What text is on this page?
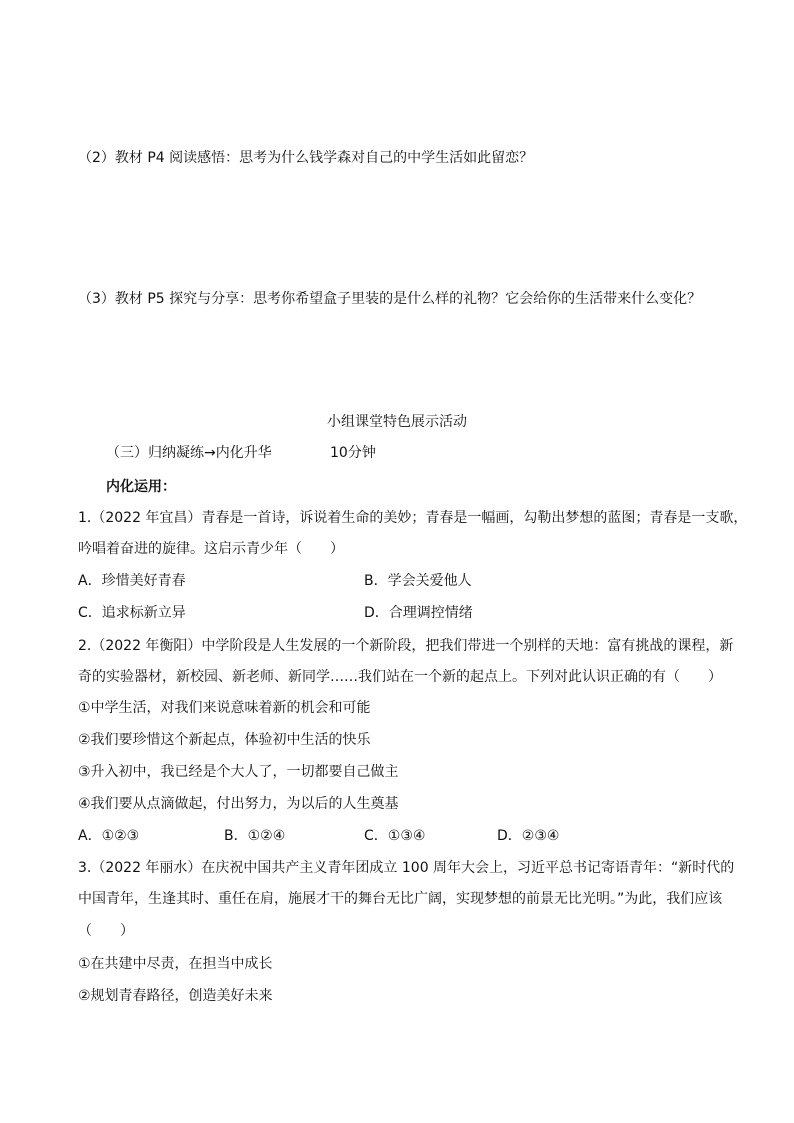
（2）教材 P4 阅读感悟：思考为什么钱学森对自己的中学生活如此留恋？
（3）教材 P5 探究与分享：思考你希望盒子里装的是什么样的礼物？它会给你的生活带来什么变化？
小组课堂特色展示活动
（三）归纳凝练→内化升华	10分钟
内化运用：
1.（2022 年宜昌）青春是一首诗，诉说着生命的美妙；青春是一幅画，勾勒出梦想的蓝图；青春是一支歌，
吟唱着奋进的旋律。这启示青少年（　　）
A．珍惜美好青春	B．学会关爱他人
C．追求标新立异	D．合理调控情绪
2.（2022 年衡阳）中学阶段是人生发展的一个新阶段，把我们带进一个别样的天地：富有挑战的课程，新
奇的实验器材，新校园、新老师、新同学……我们站在一个新的起点上。下列对此认识正确的有（　　）
①中学生活，对我们来说意味着新的机会和可能
②我们要珍惜这个新起点，体验初中生活的快乐
③升入初中，我已经是个大人了，一切都要自己做主
④我们要从点滴做起，付出努力，为以后的人生奠基
A．①②③	B．①②④	C．①③④	D．②③④
3.（2022 年丽水）在庆祝中国共产主义青年团成立 100 周年大会上，习近平总书记寄语青年：“新时代的
中国青年，生逢其时、重任在肩，施展才干的舞台无比广阔，实现梦想的前景无比光明。”为此，我们应该
（　　）
①在共建中尽责，在担当中成长
②规划青春路径，创造美好未来
